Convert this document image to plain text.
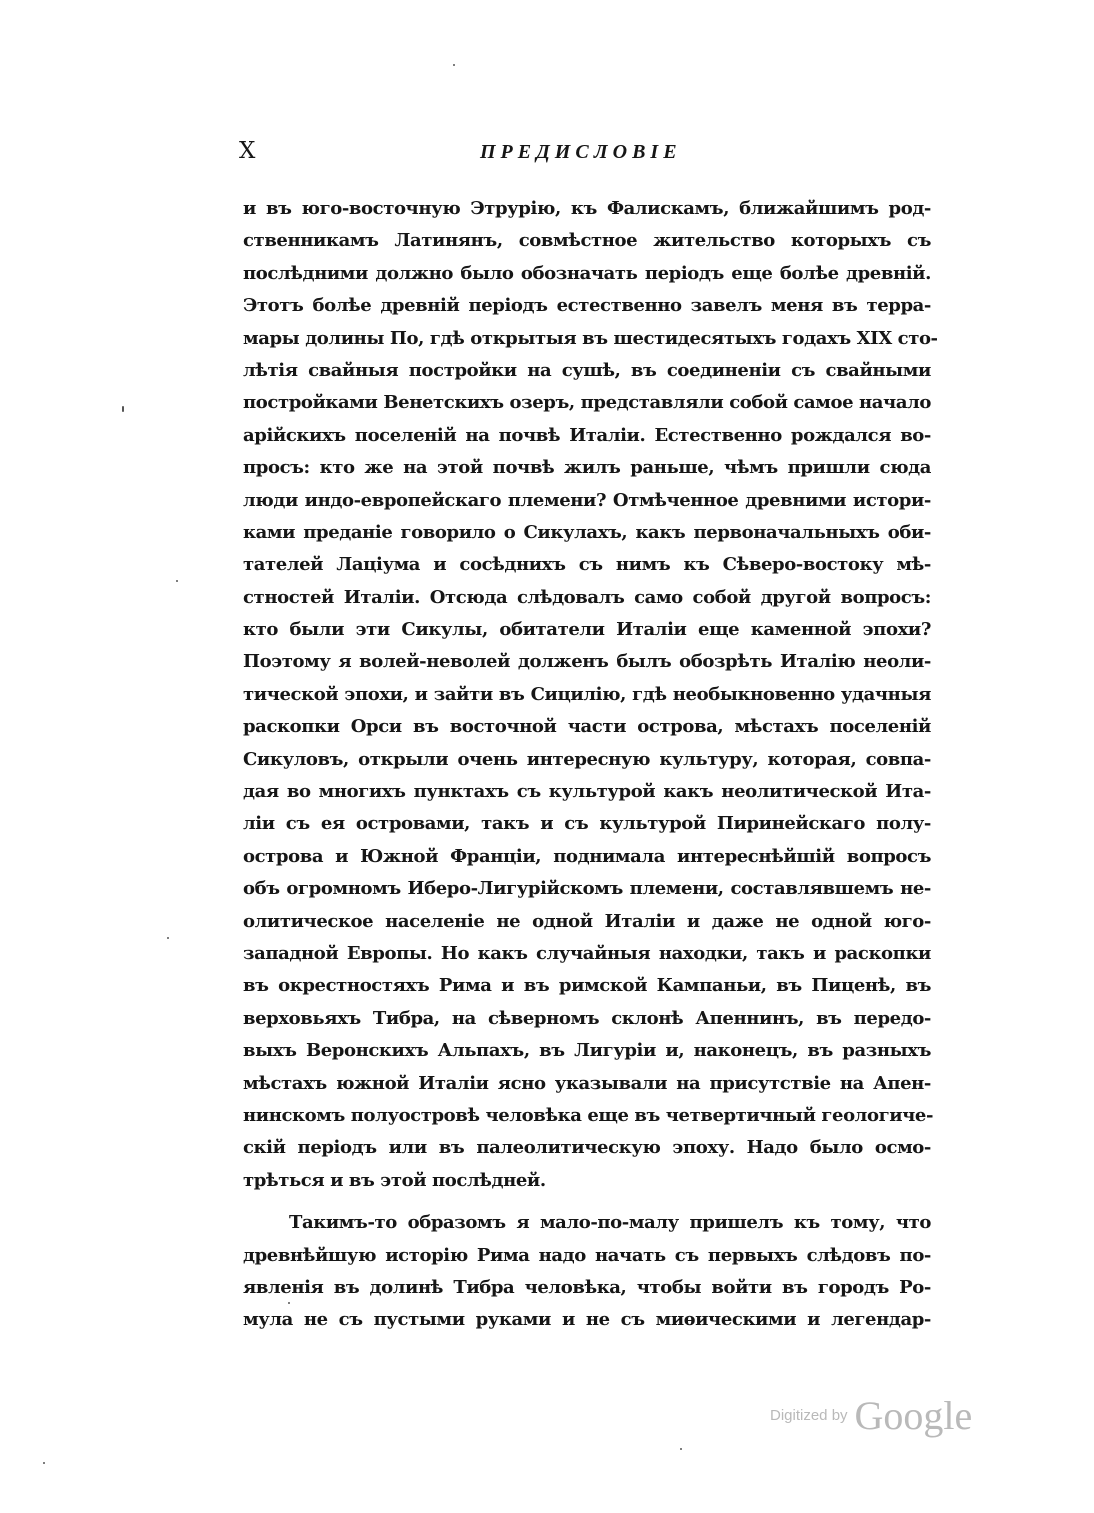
X	ПРЕДИСЛОВІЕ
и въ юго-восточную Этрурію, къ Фалискамъ, ближайшимъ род-
ственникамъ Латинянъ, совмѣстное жительство которыхъ съ
послѣдними должно было обозначать періодъ еще болѣе древній.
Этотъ болѣе древній періодъ естественно завелъ меня въ терра-
мары долины По, гдѣ открытыя въ шестидесятыхъ годахъ XIX сто-
лѣтія свайныя постройки на сушѣ, въ соединеніи съ свайными
постройками Венетскихъ озеръ, представляли собой самое начало
арійскихъ поселеній на почвѣ Италіи. Естественно рождался во-
просъ: кто же на этой почвѣ жилъ раньше, чѣмъ пришли сюда
люди индо-европейскаго племени? Отмѣченное древними истори-
ками преданіе говорило о Сикулахъ, какъ первоначальныхъ оби-
тателей Лаціума и сосѣднихъ съ нимъ къ Сѣверо-востоку мѣ-
стностей Италіи. Отсюда слѣдовалъ само собой другой вопросъ:
кто были эти Сикулы, обитатели Италіи еще каменной эпохи?
Поэтому я волей-неволей долженъ былъ обозрѣть Италію неоли-
тической эпохи, и зайти въ Сицилію, гдѣ необыкновенно удачныя
раскопки Орси въ восточной части острова, мѣстахъ поселеній
Сикуловъ, открыли очень интересную культуру, которая, совпа-
дая во многихъ пунктахъ съ культурой какъ неолитической Ита-
ліи съ ея островами, такъ и съ культурой Пиринейскаго полу-
острова и Южной Франціи, поднимала интереснѣйшій вопросъ
объ огромномъ Иберо-Лигурійскомъ племени, составлявшемъ не-
олитическое населеніе не одной Италіи и даже не одной юго-
западной Европы. Но какъ случайныя находки, такъ и раскопки
въ окрестностяхъ Рима и въ римской Кампаньи, въ Пиценѣ, въ
верховьяхъ Тибра, на сѣверномъ склонѣ Апеннинъ, въ передо-
выхъ Веронскихъ Альпахъ, въ Лигуріи и, наконецъ, въ разныхъ
мѣстахъ южной Италіи ясно указывали на присутствіе на Апен-
нинскомъ полуостровѣ человѣка еще въ четвертичный геологиче-
скій періодъ или въ палеолитическую эпоху. Надо было осмо-
трѣться и въ этой послѣдней.
Такимъ-то образомъ я мало-по-малу пришелъ къ тому, что
древнѣйшую исторію Рима надо начать съ первыхъ слѣдовъ по-
явленія въ долинѣ Тибра человѣка, чтобы войти въ городъ Ро-
мула не съ пустыми руками и не съ миѳическими и легендар-
Digitized by Google
